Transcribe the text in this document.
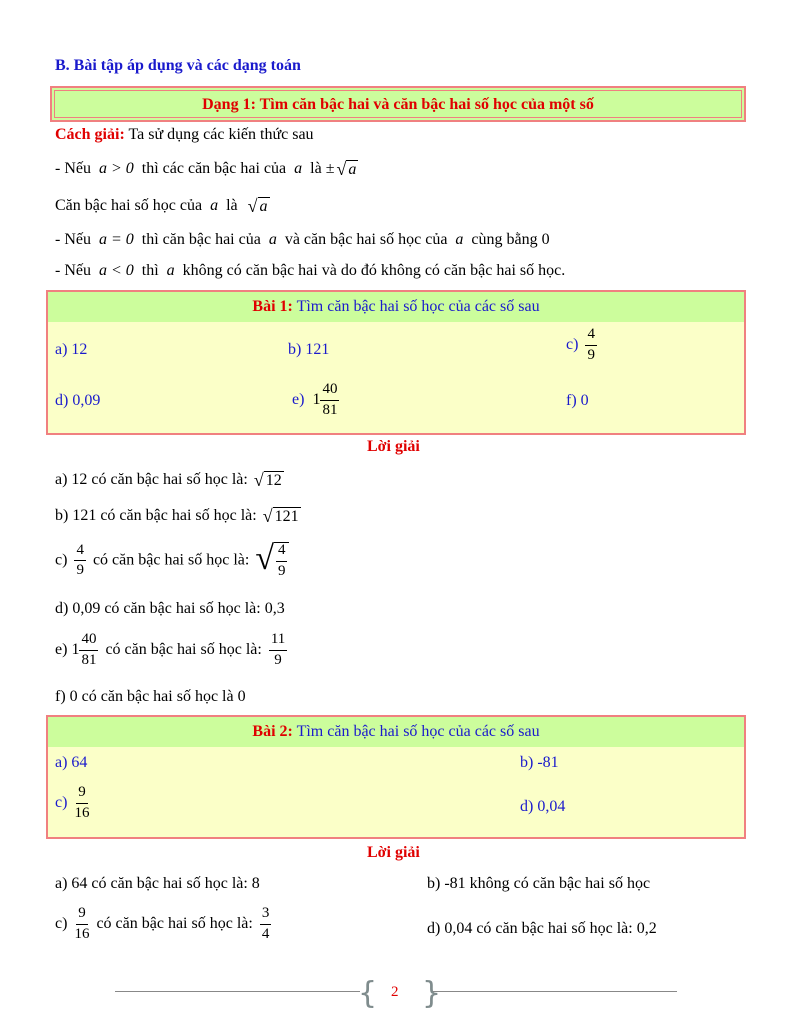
B. Bài tập áp dụng và các dạng toán
Dạng 1: Tìm căn bậc hai và căn bậc hai số học của một số
Cách giải: Ta sử dụng các kiến thức sau
- Nếu a > 0 thì các căn bậc hai của a là ± √ a
Căn bậc hai số học của a là √ a
- Nếu a = 0 thì căn bậc hai của a và căn bậc hai số học của a cùng bằng 0
- Nếu a < 0 thì a không có căn bậc hai và do đó không có căn bậc hai số học.
Bài 1: Tìm căn bậc hai số học của các số sau
a) 12	b) 121	$c) \frac{4}{9}$
d) 0,09	e) $1 \frac{40}{81}$	f) 0
Lời giải
a) 12 có căn bậc hai số học là: √ 12
b) 121 có căn bậc hai số học là: √ 121
$c) \frac{4}{9}$ có căn bậc hai số học là: √ $\frac{4}{9}$
d) 0,09 có căn bậc hai số học là: 0,3
e) $1 \frac{40}{81}$ có căn bậc hai số học là: $\frac{11}{9}$
f) 0 có căn bậc hai số học là 0
Bài 2: Tìm căn bậc hai số học của các số sau
a) 64	b) -81
$c) \frac{9}{16}$	d) 0,04
Lời giải
a) 64 có căn bậc hai số học là: 8	b) -81 không có căn bậc hai số học
$c) \frac{9}{16}$ có căn bậc hai số học là: $\frac{3}{4}$	d) 0,04 có căn bậc hai số học là: 0,2
{ }
2
